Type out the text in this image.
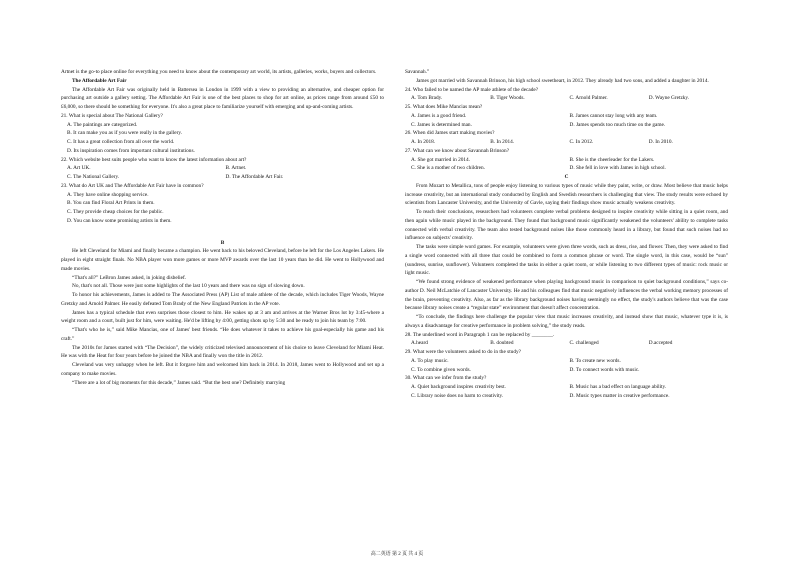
Artnet is the go-to place online for everything you need to know about the contemporary art world, its artists, galleries, works, buyers and collectors.

The Affordable Art Fair

The Affordable Art Fair was originally held in Battersea in London in 1999 with a view to providing an alternative, and cheaper option for purchasing art outside a gallery setting. The Affordable Art Fair is one of the best places to shop for art online, as prices range from around £50 to £6,000, so there should be something for everyone. It's also a great place to familiarize yourself with emerging and up-and-coming artists.

21. What is special about The National Gallery?

A. The paintings are categorized.

B. It can make you as if you were really in the gallery.

C. It has a great collection from all over the world.

D. Its inspiration comes from important cultural institutions.

22. Which website best suits people who want to know the latest information about art?

A. Art UK.	B. Artnet.
C. The National Gallery.	D. The Affordable Art Fair.

23. What do Art UK and The Affordable Art Fair have in common?

A. They have online shopping service.

B. You can find Floral Art Prints in them.

C. They provide cheap choices for the public.

D. You can know some promising artists in them.

B

He left Cleveland for Miami and finally became a champion. He went back to his beloved Cleveland, before he left for the Los Angeles Lakers. He played in eight straight finals. No NBA player won more games or more MVP awards over the last 10 years than he did. He went to Hollywood and made movies.

“That's all?” LeBron James asked, in joking disbelief.

No, that's not all. Those were just some highlights of the last 10 years and there was no sign of slowing down.

To honor his achievements, James is added to The Associated Press (AP) List of male athlete of the decade, which includes Tiger Woods, Wayne Gretzky and Arnold Palmer. He easily defeated Tom Brady of the New England Patriots in the AP vote.

James has a typical schedule that even surprises those closest to him. He wakes up at 3 am and arrives at the Warner Bros lot by 3:45-where a weight room and a court, built just for him, were waiting. He'd be lifting by 4:00, getting shots up by 5:30 and be ready to join his team by 7:00.

“That's who he is,” said Mike Mancias, one of James' best friends. “He does whatever it takes to achieve his goal-especially his game and his craft.”

The 2010s for James started with “The Decision”, the widely criticized televised announcement of his choice to leave Cleveland for Miami Heat. He was with the Heat for four years before he joined the NBA and finally won the title in 2012.

Cleveland was very unhappy when he left. But it forgave him and welcomed him back in 2014. In 2018, James went to Hollywood and set up a company to make movies.

“There are a lot of big moments for this decade,” James said. “But the best one? Definitely marrying

Savannah.”

James got married with Savannah Brinson, his high school sweetheart, in 2012. They already had two sons, and added a daughter in 2014.

24. Who failed to be named the AP male athlete of the decade?

A. Tom Brady.	B. Tiger Woods.	C. Arnold Palmer.	D. Wayne Gretzky.

25. What does Mike Mancias mean?

A. James is a good friend.	B. James cannot stay long with any team.
C. James is determined man.	D. James spends too much time on the game.

26. When did James start making movies?

A. In 2018.	B. In 2014.	C. In 2012.	D. In 2010.

27. What can we know about Savannah Brinson?

A. She got married in 2014.	B. She is the cheerleader for the Lakers.
C. She is a mother of two children.	D. She fell in love with James in high school.

C

From Mozart to Metallica, tons of people enjoy listening to various types of music while they paint, write, or draw. Most believe that music helps increase creativity, but an international study conducted by English and Swedish researchers is challenging that view. The study results were echoed by scientists from Lancaster University, and the University of Gavle, saying their findings show music actually weakens creativity.

To reach their conclusions, researchers had volunteers complete verbal problems designed to inspire creativity while sitting in a quiet room, and then again while music played in the background. They found that background music significantly weakened the volunteers' ability to complete tasks connected with verbal creativity. The team also tested background noises like those commonly heard in a library, but found that such noises had no influence on subjects' creativity.

The tasks were simple word games. For example, volunteers were given three words, such as dress, rise, and flower. Then, they were asked to find a single word connected with all three that could be combined to form a common phrase or word. The single word, in this case, would be “sun” (sundress, sunrise, sunflower). Volunteers completed the tasks in either a quiet room, or while listening to two different types of music: rock music or light music.

“We found strong evidence of weakened performance when playing background music in comparison to quiet background conditions,” says co-author D. Neil McLatchie of Lancaster University. He and his colleagues find that music negatively influences the verbal working memory processes of the brain, preventing creativity. Also, as far as the library background noises having seemingly no effect, the study's authors believe that was the case because library noises create a “regular state” environment that doesn't affect concentration.

“To conclude, the findings here challenge the popular view that music increases creativity, and instead show that music, whatever type it is, is always a disadvantage for creative performance in problem solving,” the study reads.

28. The underlined word in Paragraph 1 can be replaced by ________.

A.heard	B. doubted	C. challenged	D.accepted

29. What were the volunteers asked to do in the study?

A. To play music.	B. To create new words.
C. To combine given words.	D. To connect words with music.

30. What can we infer from the study?

A. Quiet background inspires creativity best.	B. Music has a bad effect on language ability.
C. Library noise does no harm to creativity.	D. Music types matter in creative performance.
高二英语 第 2 页 共 4 页
